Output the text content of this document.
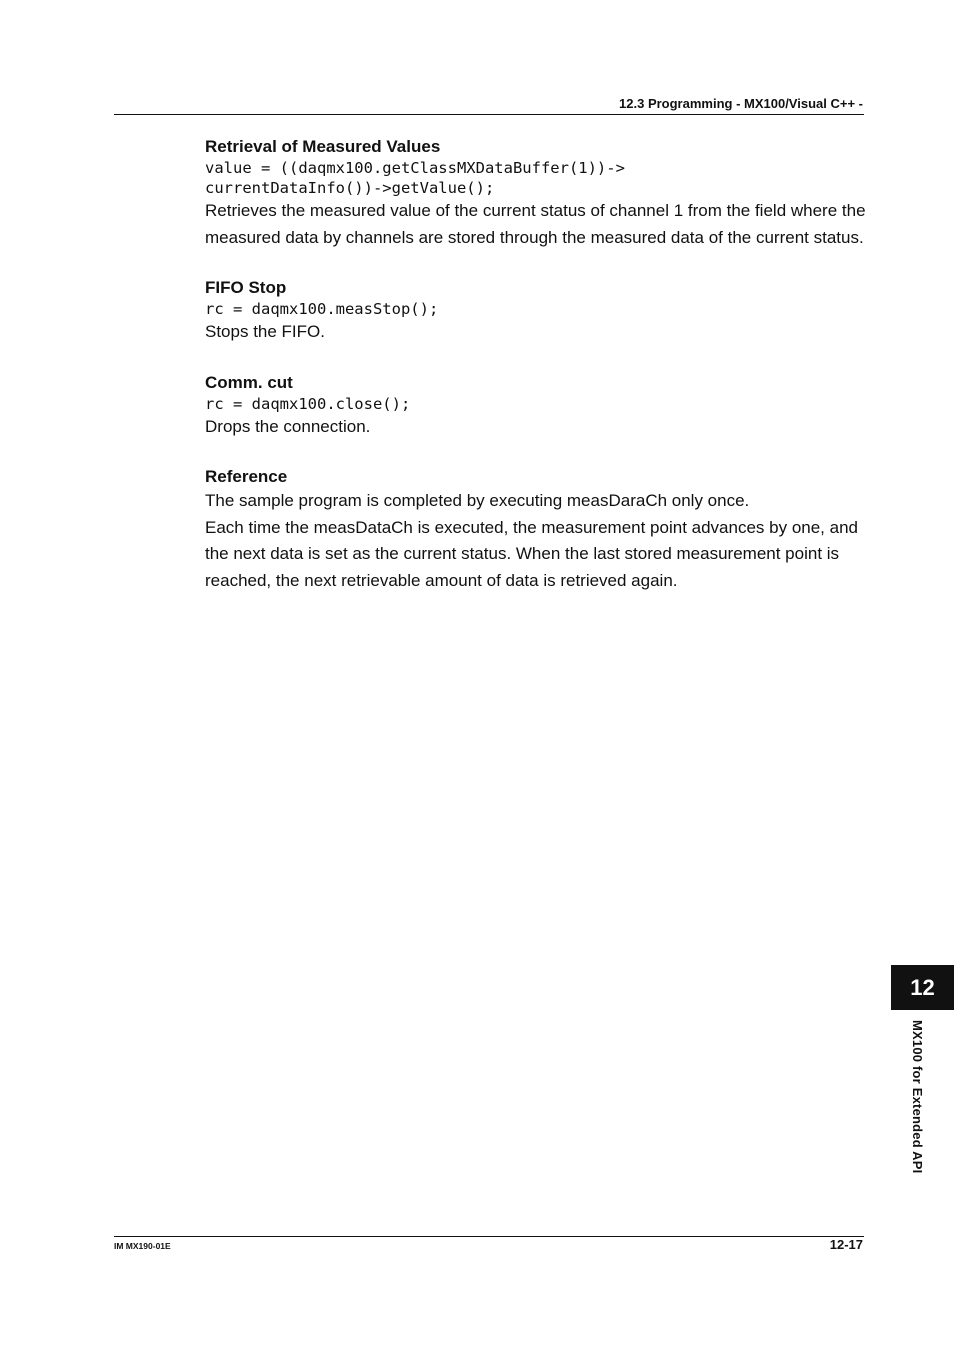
12.3 Programming - MX100/Visual C++ -

Retrieval of Measured Values

value = ((daqmx100.getClassMXDataBuffer(1))->
currentDataInfo())->getValue();

Retrieves the measured value of the current status of channel 1 from the field where the measured data by channels are stored through the measured data of the current status.

FIFO Stop

rc = daqmx100.measStop();

Stops the FIFO.

Comm. cut

rc = daqmx100.close();

Drops the connection.

Reference

The sample program is completed by executing measDaraCh only once.

Each time the measDataCh is executed, the measurement point advances by one, and the next data is set as the current status. When the last stored measurement point is reached, the next retrievable amount of data is retrieved again.

12
MX100 for Extended API
IM MX190-01E	12-17
